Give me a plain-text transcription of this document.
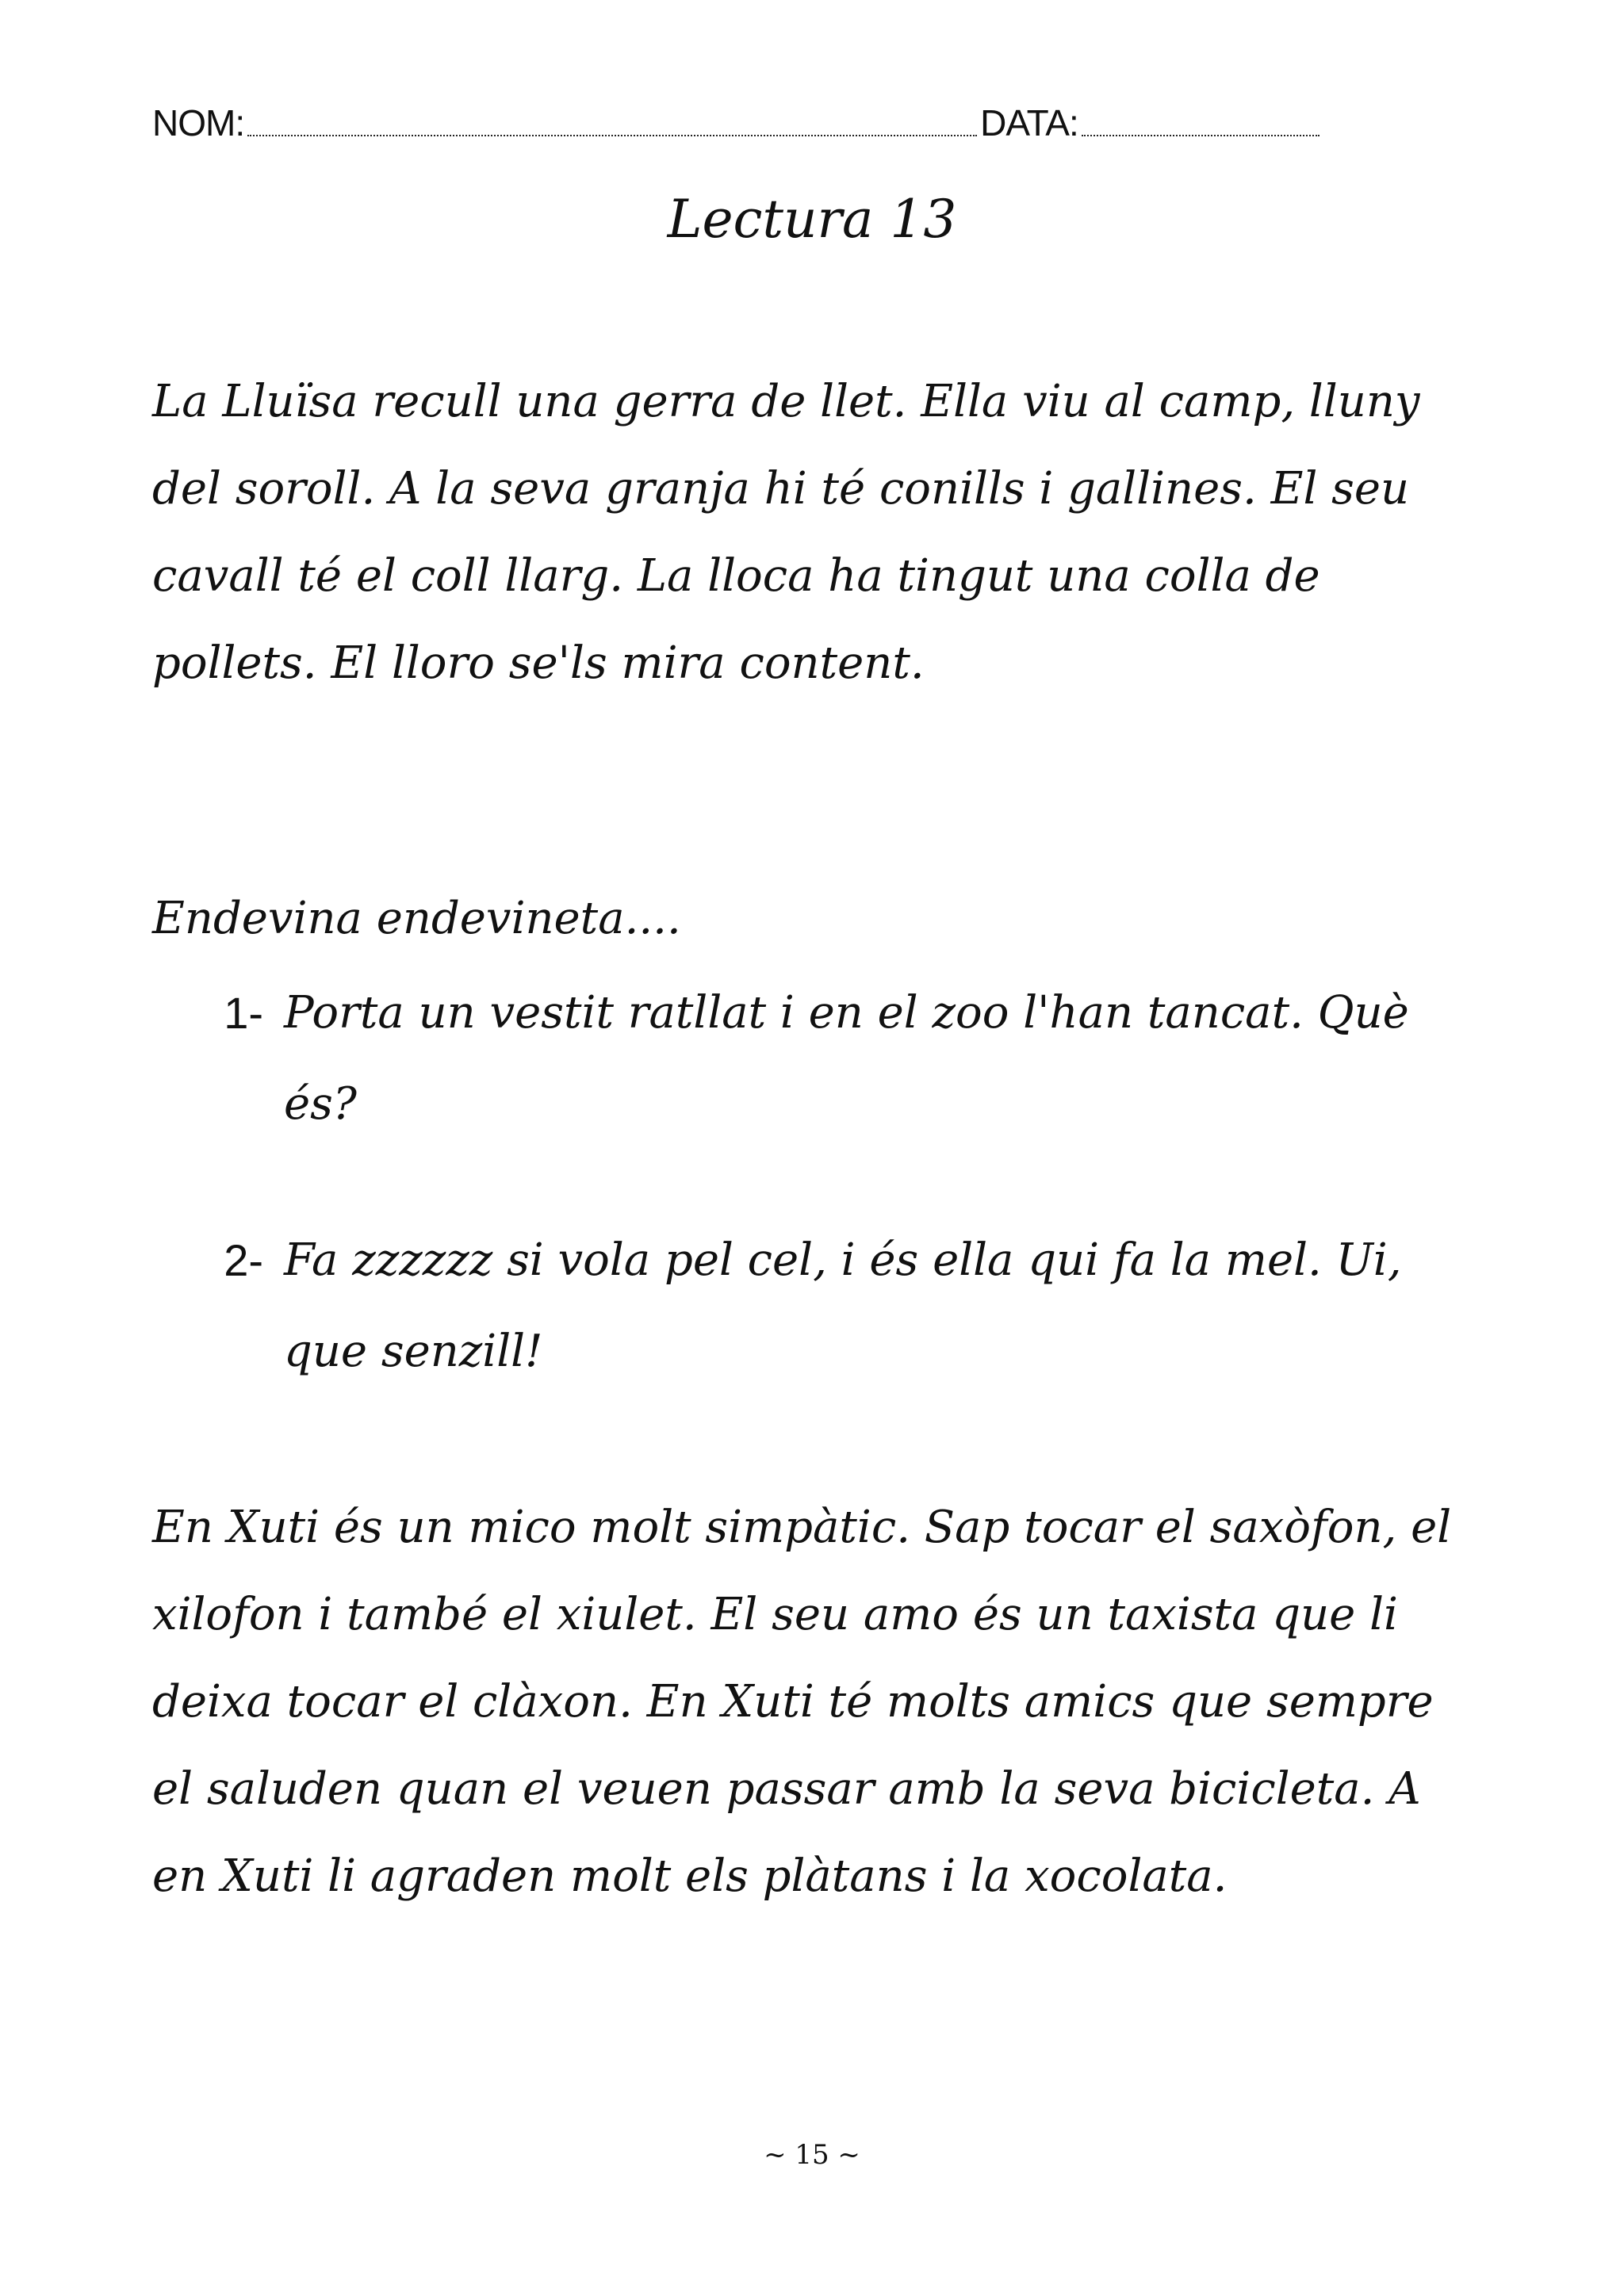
NOM:	DATA:
Lectura 13

La Lluïsa recull una gerra de llet. Ella viu al camp, lluny del soroll. A la seva granja hi té conills i gallines. El seu cavall té el coll llarg. La lloca ha tingut una colla de pollets. El lloro se'ls mira content.

Endevina endevineta....

1- Porta un vestit ratllat i en el zoo l'han tancat. Què és?
2- Fa zzzzzz si vola pel cel, i és ella qui fa la mel. Ui, que senzill!

En Xuti és un mico molt simpàtic. Sap tocar el saxòfon, el xilofon i també el xiulet. El seu amo és un taxista que li deixa tocar el clàxon. En Xuti té molts amics que sempre el saluden quan el veuen passar amb la seva bicicleta. A en Xuti li agraden molt els plàtans i la xocolata.

~ 15 ~
